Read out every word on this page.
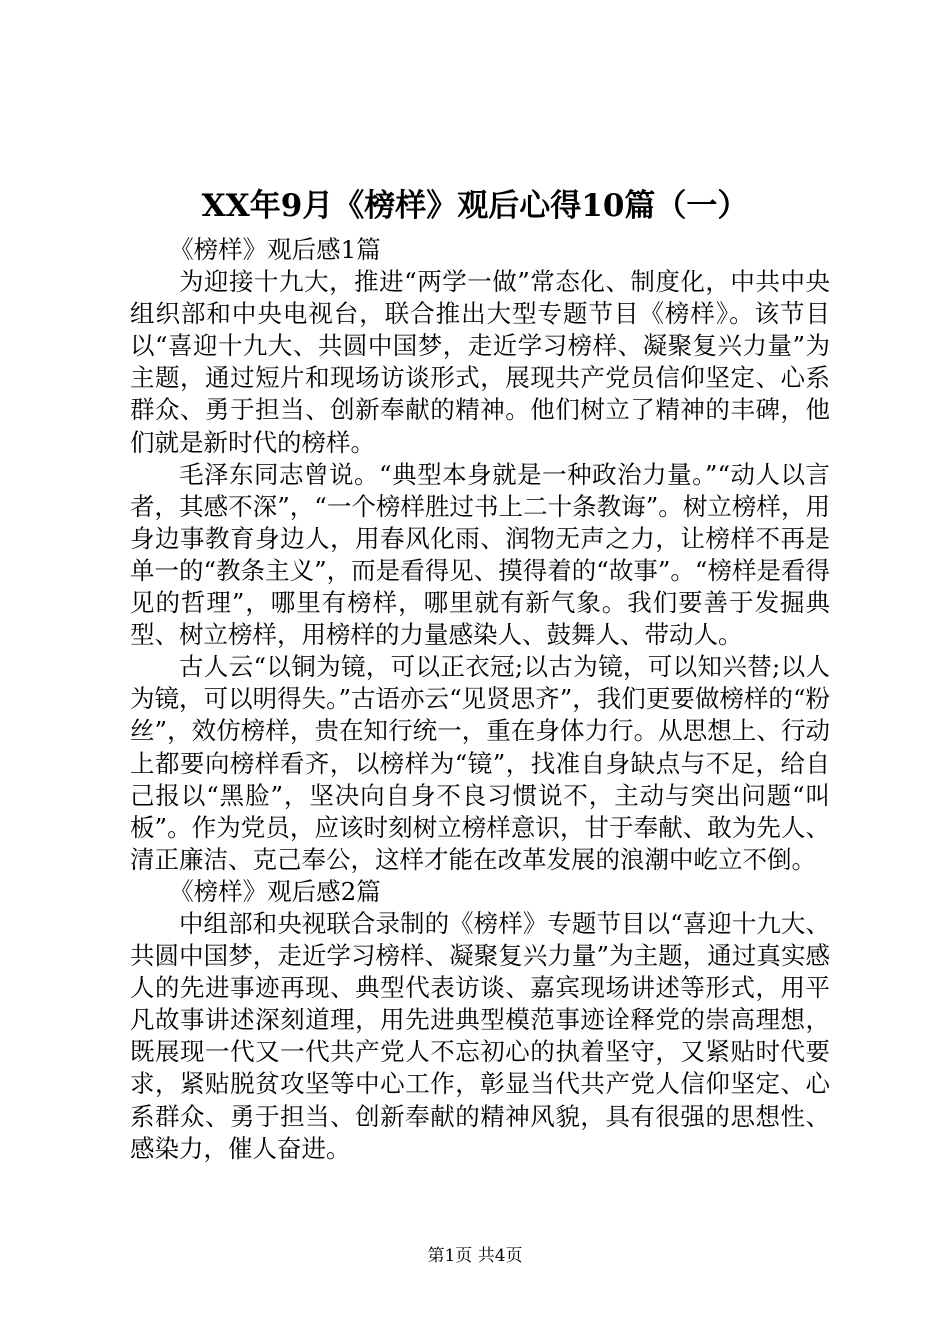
XX年9月《榜样》观后心得10篇（一）

《榜样》观后感1篇

为迎接十九大，推进“两学一做”常态化、制度化，中共中央组织部和中央电视台，联合推出大型专题节目《榜样》。该节目以“喜迎十九大、共圆中国梦，走近学习榜样、凝聚复兴力量”为主题，通过短片和现场访谈形式，展现共产党员信仰坚定、心系群众、勇于担当、创新奉献的精神。他们树立了精神的丰碑，他们就是新时代的榜样。

毛泽东同志曾说。“典型本身就是一种政治力量。”“动人以言者，其感不深”，“一个榜样胜过书上二十条教诲”。树立榜样，用身边事教育身边人，用春风化雨、润物无声之力，让榜样不再是单一的“教条主义”，而是看得见、摸得着的“故事”。“榜样是看得见的哲理”，哪里有榜样，哪里就有新气象。我们要善于发掘典型、树立榜样，用榜样的力量感染人、鼓舞人、带动人。

古人云“以铜为镜，可以正衣冠;以古为镜，可以知兴替;以人为镜，可以明得失。”古语亦云“见贤思齐”，我们更要做榜样的“粉丝”，效仿榜样，贵在知行统一，重在身体力行。从思想上、行动上都要向榜样看齐，以榜样为“镜”，找准自身缺点与不足，给自己报以“黑脸”，坚决向自身不良习惯说不，主动与突出问题“叫板”。作为党员，应该时刻树立榜样意识，甘于奉献、敢为先人、清正廉洁、克己奉公，这样才能在改革发展的浪潮中屹立不倒。

《榜样》观后感2篇

中组部和央视联合录制的《榜样》专题节目以“喜迎十九大、共圆中国梦，走近学习榜样、凝聚复兴力量”为主题，通过真实感人的先进事迹再现、典型代表访谈、嘉宾现场讲述等形式，用平凡故事讲述深刻道理，用先进典型模范事迹诠释党的崇高理想，既展现一代又一代共产党人不忘初心的执着坚守，又紧贴时代要求，紧贴脱贫攻坚等中心工作，彰显当代共产党人信仰坚定、心系群众、勇于担当、创新奉献的精神风貌，具有很强的思想性、感染力，催人奋进。

第1页 共4页
